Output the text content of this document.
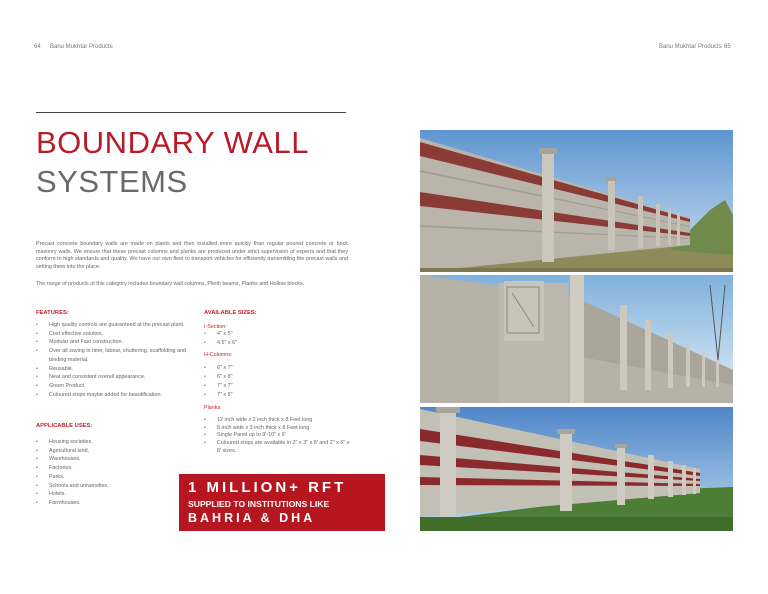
64 Banu Mukhtar Products	Banu Mukhtar Products 65
BOUNDARY WALL
SYSTEMS
Precast concrete boundary walls are made on plants and then installed more quickly than regular poured concrete or brick masonry walls. We ensure that these precast columns and planks are produced under strict supervision of experts and that they conform to high standards and quality. We have our own fleet to transport vehicles for efficiently transmitting the precast walls and setting them into the place.
The range of products of this category includes boundary wall columns, Plinth beams, Planks and Hollow blocks.
FEATURES:
• High quality controls are guaranteed at the precast plant.
• Cost effective solution.
• Modular and Fast construction.
• Over all saving in time, labour, shuttering, scaffolding and binding material.
• Reusable.
• Neat and consistent overall appearance.
• Green Product.
• Coloured strips maybe added for beautification.
APPLICABLE USES:
• Housing societies.
• Agricultural land.
• Warehouses.
• Factories.
• Parks.
• Schools and universities.
• Hotels.
• Farmhouses.
AVAILABLE SIZES:
I-Section:
• 4" x 5"
• 4.5" x 6"
H-Columns:
• 6" x 7"
• 6" x 8"
• 7" x 7"
• 7" x 8"
Planks:
• 12 inch wide x 2 inch thick x 8 Feet long
• 8 inch wide x 3 inch thick x 8 Feet long
• Single Panel up to 9'-10" x 9'
• Coloured strips are available in 2" x 3" x 8' and 2" x 6" x 8' sizes.
1 MILLION+ RFT
SUPPLIED TO INSTITUTIONS LIKE
BAHRIA & DHA
